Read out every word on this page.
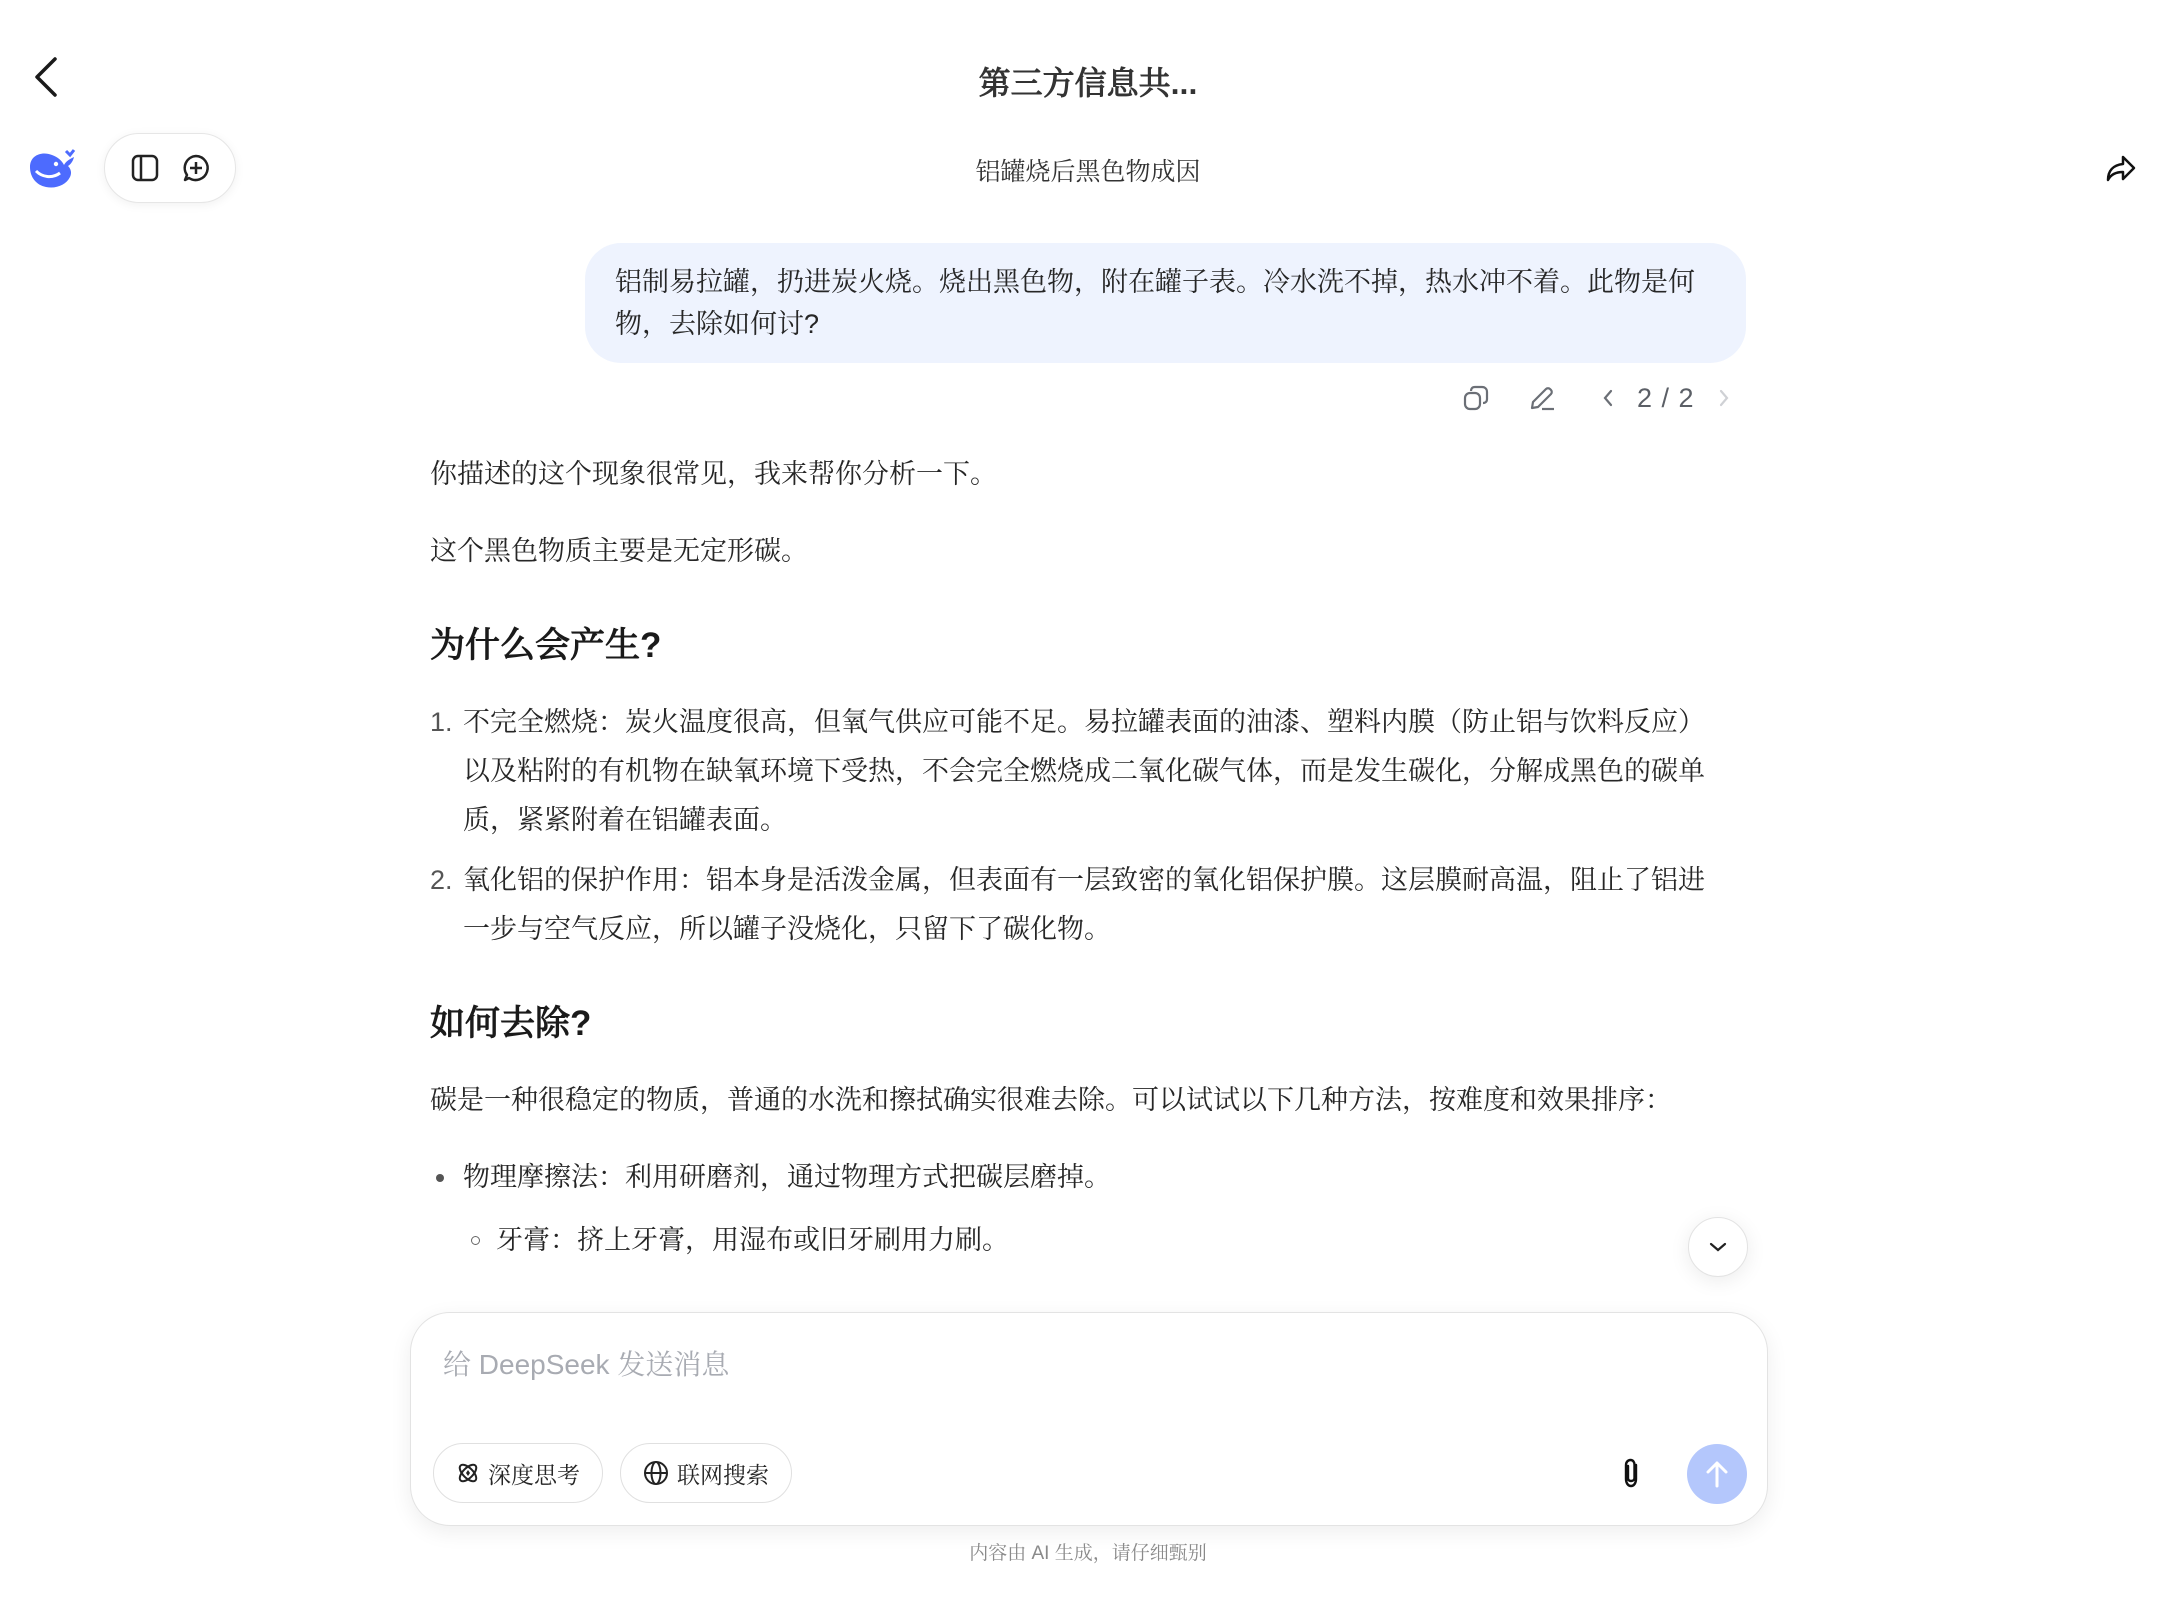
第三方信息共...
铝罐烧后黑色物成因
铝制易拉罐，扔进炭火烧。烧出黑色物，附在罐子表。冷水洗不掉，热水冲不着。此物是何物，去除如何讨?
2 / 2

你描述的这个现象很常见，我来帮你分析一下。

这个黑色物质主要是无定形碳。

为什么会产生?
1. 不完全燃烧：炭火温度很高，但氧气供应可能不足。易拉罐表面的油漆、塑料内膜（防止铝与饮料反应）以及粘附的有机物在缺氧环境下受热，不会完全燃烧成二氧化碳气体，而是发生碳化，分解成黑色的碳单质，紧紧附着在铝罐表面。
2. 氧化铝的保护作用：铝本身是活泼金属，但表面有一层致密的氧化铝保护膜。这层膜耐高温，阻止了铝进一步与空气反应，所以罐子没烧化，只留下了碳化物。
如何去除?

碳是一种很稳定的物质，普通的水洗和擦拭确实很难去除。可以试试以下几种方法，按难度和效果排序：

物理摩擦法：利用研磨剂，通过物理方式把碳层磨掉。
牙膏：挤上牙膏，用湿布或旧牙刷用力刷。
给 DeepSeek 发送消息
深度思考	联网搜索
内容由 AI 生成，请仔细甄别
